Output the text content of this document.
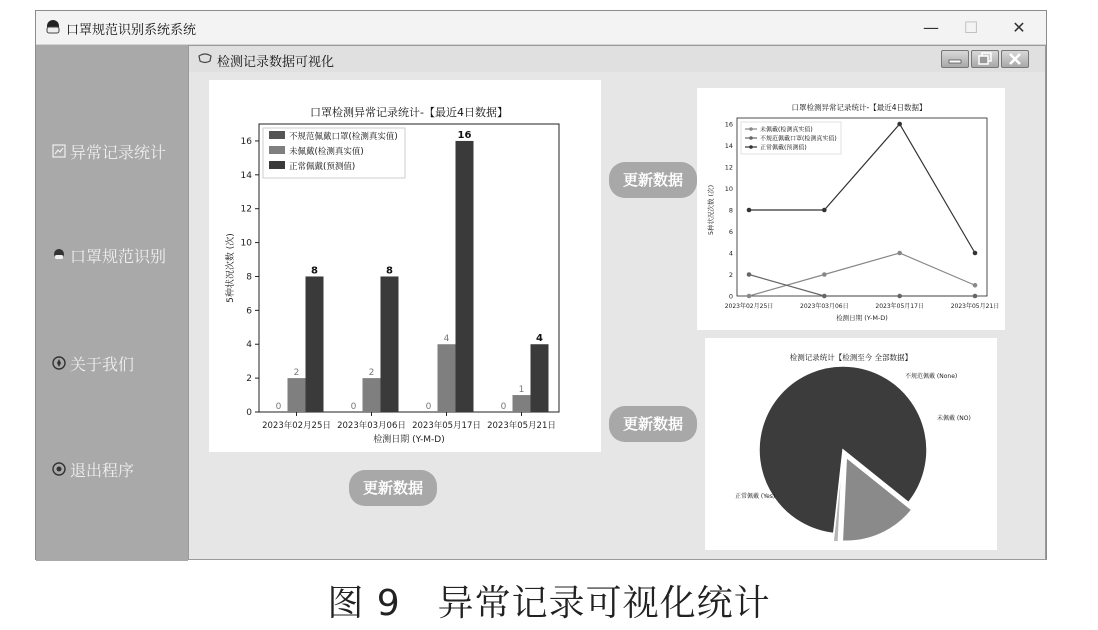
口罩规范识别系统系统	—	☐	✕
异常记录统计
口罩规范识别
关于我们
退出程序
检测记录数据可视化
口罩检测异常记录统计-【最近4日数据】
0
2
4
6
8
10
12
14
16
5种状况次数 (次)
2023年02月25日
0
2
8
2023年03月06日
0
2
8
2023年05月17日
0
4
16
2023年05月21日
0
1
4
检测日期 (Y-M-D)
不规范佩戴口罩(检测真实值)
未佩戴(检测真实值)
正常佩戴(预测值)
口罩检测异常记录统计-【最近4日数据】
0
2
4
6
8
10
12
14
16
5种状况次数 (次)
2023年02月25日	2023年03月06日	2023年05月17日	2023年05月21日
检测日期 (Y-M-D)
未佩戴(检测真实值)
不规范佩戴口罩(检测真实值)
正常佩戴(预测值)
检测记录统计【检测至今 全部数据】
正常佩戴 (Yes)
未佩戴 (NO)
不规范佩戴 (None)
更新数据
更新数据
更新数据
图 9　异常记录可视化统计
